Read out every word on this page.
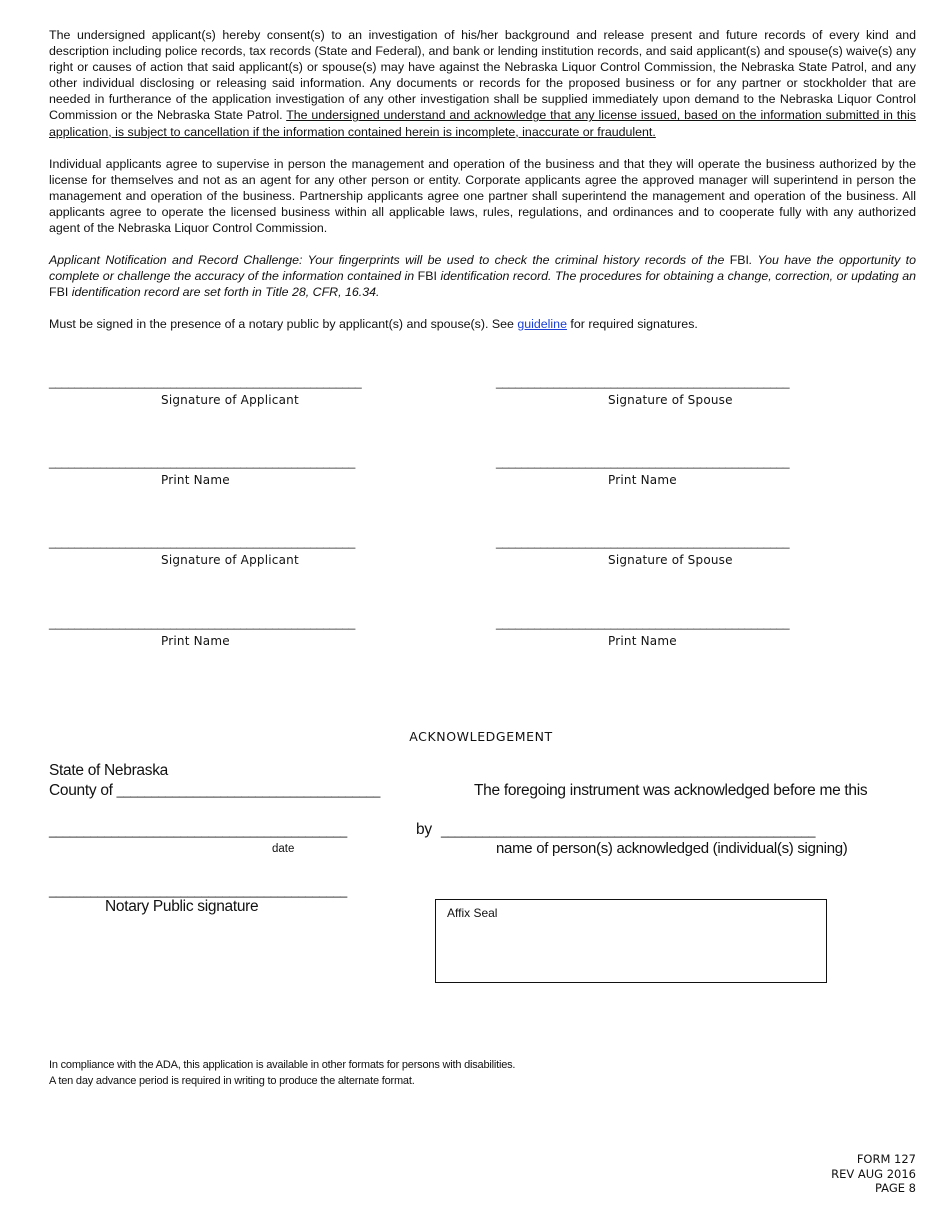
The undersigned applicant(s) hereby consent(s) to an investigation of his/her background and release present and future records of every kind and description including police records, tax records (State and Federal), and bank or lending institution records, and said applicant(s) and spouse(s) waive(s) any right or causes of action that said applicant(s) or spouse(s) may have against the Nebraska Liquor Control Commission, the Nebraska State Patrol, and any other individual disclosing or releasing said information. Any documents or records for the proposed business or for any partner or stockholder that are needed in furtherance of the application investigation of any other investigation shall be supplied immediately upon demand to the Nebraska Liquor Control Commission or the Nebraska State Patrol. The undersigned understand and acknowledge that any license issued, based on the information submitted in this application, is subject to cancellation if the information contained herein is incomplete, inaccurate or fraudulent.

Individual applicants agree to supervise in person the management and operation of the business and that they will operate the business authorized by the license for themselves and not as an agent for any other person or entity. Corporate applicants agree the approved manager will superintend in person the management and operation of the business. Partnership applicants agree one partner shall superintend the management and operation of the business. All applicants agree to operate the licensed business within all applicable laws, rules, regulations, and ordinances and to cooperate fully with any authorized agent of the Nebraska Liquor Control Commission.

Applicant Notification and Record Challenge: Your fingerprints will be used to check the criminal history records of the FBI. You have the opportunity to complete or challenge the accuracy of the information contained in FBI identification record. The procedures for obtaining a change, correction, or updating an FBI identification record are set forth in Title 28, CFR, 16.34.

Must be signed in the presence of a notary public by applicant(s) and spouse(s). See guideline for required signatures.

_________________________________________________
Signature of Applicant
______________________________________________
Signature of Spouse
________________________________________________
Print Name
______________________________________________
Print Name
________________________________________________
Signature of Applicant
______________________________________________
Signature of Spouse
________________________________________________
Print Name
______________________________________________
Print Name
ACKNOWLEDGEMENT
State of Nebraska
County of ______________________________________	The foregoing instrument was acknowledged before me this
___________________________________________	by ______________________________________________________
date	name of person(s) acknowledged (individual(s) signing)
___________________________________________
Notary Public signature	Affix Seal
In compliance with the ADA, this application is available in other formats for persons with disabilities.
A ten day advance period is required in writing to produce the alternate format.
FORM 127
REV AUG 2016
PAGE 8
